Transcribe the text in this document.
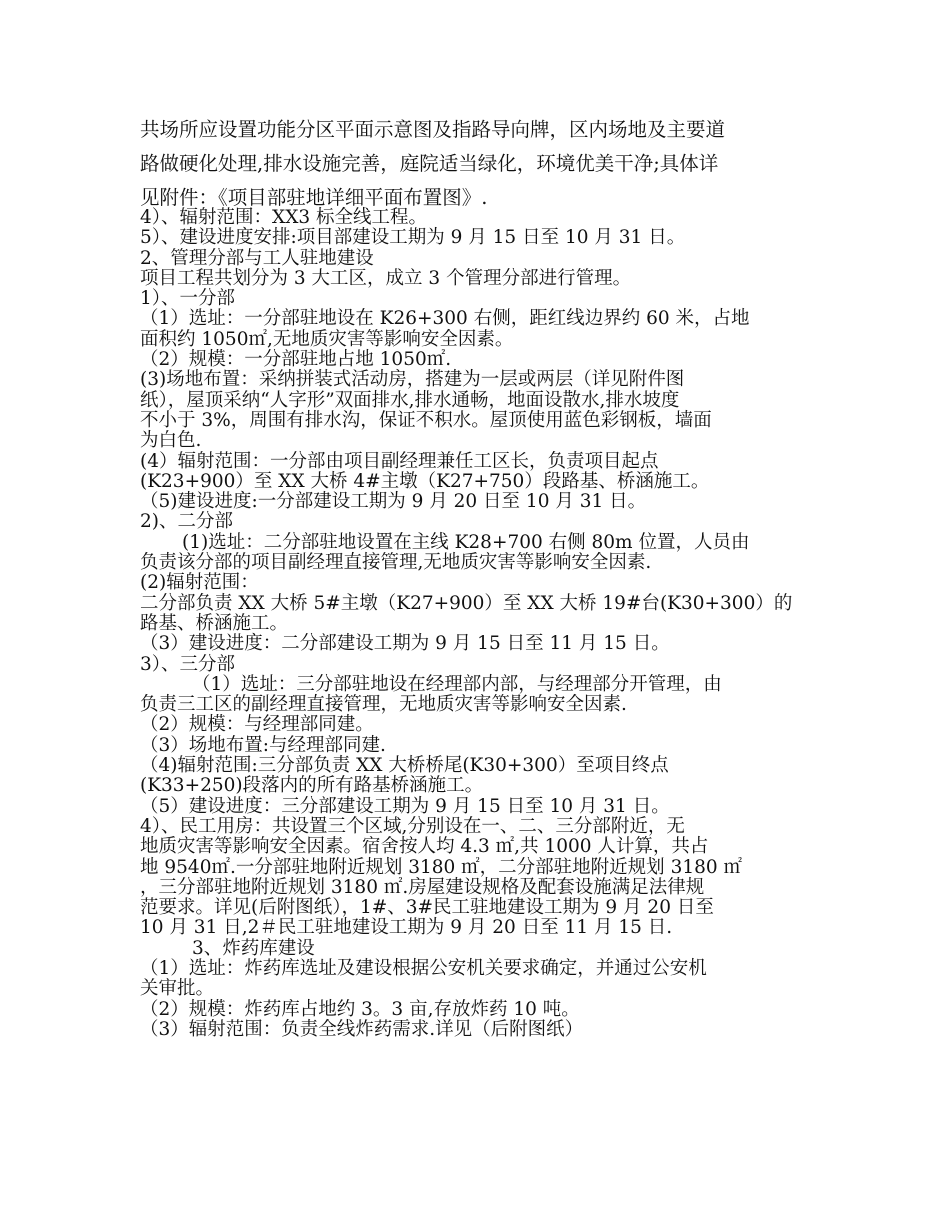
共场所应设置功能分区平面示意图及指路导向牌，区内场地及主要道

路做硬化处理,排水设施完善，庭院适当绿化，环境优美干净;具体详

见附件：《项目部驻地详细平面布置图》.

4）、辐射范围：XX3 标全线工程。

5）、建设进度安排:项目部建设工期为 9 月 15 日至 10 月 31 日。

2、管理分部与工人驻地建设

项目工程共划分为 3 大工区，成立 3 个管理分部进行管理。

1）、一分部

（1）选址：一分部驻地设在 K26+300 右侧，距红线边界约 60 米，占地

面积约 1050㎡,无地质灾害等影响安全因素。

（2）规模：一分部驻地占地 1050㎡.

(3)场地布置：采纳拼装式活动房，搭建为一层或两层（详见附件图

纸），屋顶采纳“人字形”双面排水,排水通畅，地面设散水,排水坡度

不小于 3%，周围有排水沟，保证不积水。屋顶使用蓝色彩钢板，墙面

为白色.

(4）辐射范围：一分部由项目副经理兼任工区长，负责项目起点

(K23+900）至 XX 大桥 4#主墩（K27+750）段路基、桥涵施工。

（5)建设进度:一分部建设工期为 9 月 20 日至 10 月 31 日。

2)、二分部

(1)选址：二分部驻地设置在主线 K28+700 右侧 80m 位置，人员由

负责该分部的项目副经理直接管理,无地质灾害等影响安全因素.

(2)辐射范围：

二分部负责 XX 大桥 5#主墩（K27+900）至 XX 大桥 19#台(K30+300）的

路基、桥涵施工。

（3）建设进度：二分部建设工期为 9 月 15 日至 11 月 15 日。

3）、三分部

（1）选址：三分部驻地设在经理部内部，与经理部分开管理，由

负责三工区的副经理直接管理，无地质灾害等影响安全因素.

（2）规模：与经理部同建。

（3）场地布置:与经理部同建.

（4)辐射范围:三分部负责 XX 大桥桥尾(K30+300）至项目终点

(K33+250)段落内的所有路基桥涵施工。

（5）建设进度：三分部建设工期为 9 月 15 日至 10 月 31 日。

4）、民工用房：共设置三个区域,分别设在一、二、三分部附近，无

地质灾害等影响安全因素。宿舍按人均 4.3 ㎡,共 1000 人计算，共占

地 9540㎡.一分部驻地附近规划 3180 ㎡，二分部驻地附近规划 3180 ㎡

，三分部驻地附近规划 3180 ㎡.房屋建设规格及配套设施满足法律规

范要求。详见(后附图纸），1#、3#民工驻地建设工期为 9 月 20 日至

10 月 31 日,2＃民工驻地建设工期为 9 月 20 日至 11 月 15 日.

3、炸药库建设

（1）选址：炸药库选址及建设根据公安机关要求确定，并通过公安机

关审批。

（2）规模：炸药库占地约 3。3 亩,存放炸药 10 吨。

（3）辐射范围：负责全线炸药需求.详见（后附图纸）
